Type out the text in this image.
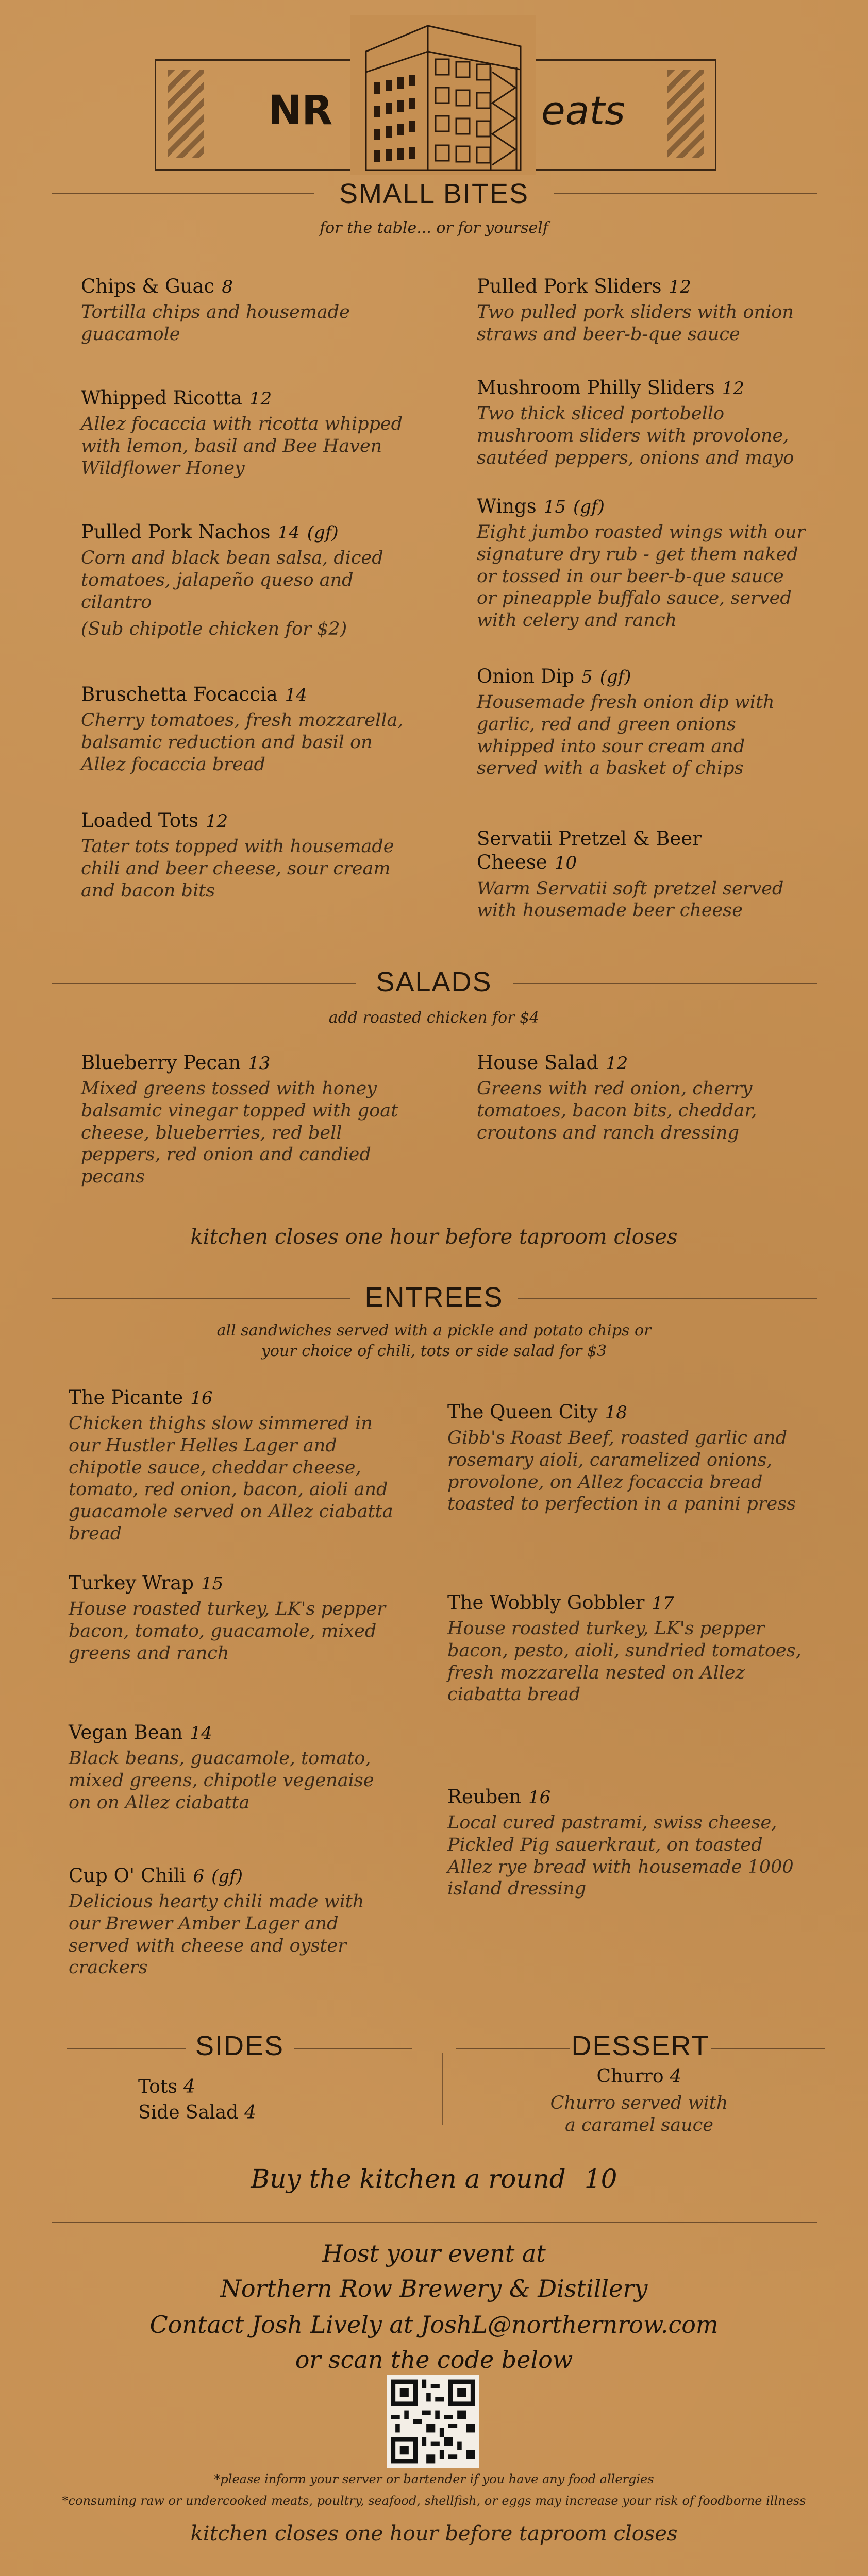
NR	eats
SMALL BITES
for the table... or for yourself
Chips & Guac 8
Tortilla chips and housemade guacamole
Whipped Ricotta 12
Allez focaccia with ricotta whipped with lemon, basil and Bee Haven Wildflower Honey
Pulled Pork Nachos 14 (gf)
Corn and black bean salsa, diced tomatoes, jalapeño queso and cilantro
(Sub chipotle chicken for $2)
Bruschetta Focaccia 14
Cherry tomatoes, fresh mozzarella, balsamic reduction and basil on Allez focaccia bread
Loaded Tots 12
Tater tots topped with housemade chili and beer cheese, sour cream and bacon bits
Pulled Pork Sliders 12
Two pulled pork sliders with onion straws and beer-b-que sauce
Mushroom Philly Sliders 12
Two thick sliced portobello mushroom sliders with provolone, sautéed peppers, onions and mayo
Wings 15 (gf)
Eight jumbo roasted wings with our signature dry rub - get them naked or tossed in our beer-b-que sauce or pineapple buffalo sauce, served with celery and ranch
Onion Dip 5 (gf)
Housemade fresh onion dip with garlic, red and green onions whipped into sour cream and served with a basket of chips
Servatii Pretzel & Beer Cheese 10
Warm Servatii soft pretzel served with housemade beer cheese
SALADS
add roasted chicken for $4
Blueberry Pecan 13
Mixed greens tossed with honey balsamic vinegar topped with goat cheese, blueberries, red bell peppers, red onion and candied pecans
House Salad 12
Greens with red onion, cherry tomatoes, bacon bits, cheddar, croutons and ranch dressing
kitchen closes one hour before taproom closes
ENTREES
all sandwiches served with a pickle and potato chips or
your choice of chili, tots or side salad for $3
The Picante 16
Chicken thighs slow simmered in our Hustler Helles Lager and chipotle sauce, cheddar cheese, tomato, red onion, bacon, aioli and guacamole served on Allez ciabatta bread
Turkey Wrap 15
House roasted turkey, LK's pepper bacon, tomato, guacamole, mixed greens and ranch
Vegan Bean 14
Black beans, guacamole, tomato, mixed greens, chipotle vegenaise on on Allez ciabatta
Cup O' Chili 6 (gf)
Delicious hearty chili made with our Brewer Amber Lager and served with cheese and oyster crackers
The Queen City 18
Gibb's Roast Beef, roasted garlic and rosemary aioli, caramelized onions, provolone, on Allez focaccia bread toasted to perfection in a panini press
The Wobbly Gobbler 17
House roasted turkey, LK's pepper bacon, pesto, aioli, sundried tomatoes, fresh mozzarella nested on Allez ciabatta bread
Reuben 16
Local cured pastrami, swiss cheese, Pickled Pig sauerkraut, on toasted Allez rye bread with housemade 1000 island dressing
SIDES	DESSERT
Tots 4
Side Salad 4
Churro 4
Churro served with
a caramel sauce
Buy the kitchen a round 10
Host your event at
Northern Row Brewery & Distillery
Contact Josh Lively at JoshL@northernrow.com
or scan the code below
*please inform your server or bartender if you have any food allergies
*consuming raw or undercooked meats, poultry, seafood, shellfish, or eggs may increase your risk of foodborne illness
kitchen closes one hour before taproom closes
